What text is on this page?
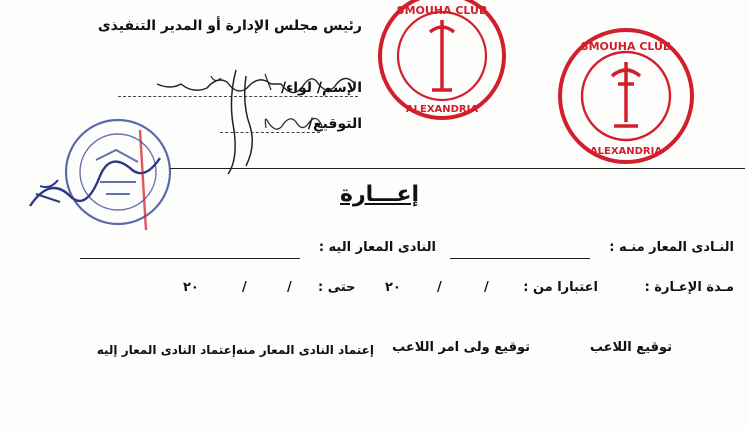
رئيس مجلس الإدارة أو المدير التنفيذى
الإسم/ لواء/
التوقيع/
SMOUHA CLUB
ALEXANDRIA
SMOUHA CLUB
ALEXANDRIA
إعـــارة
النـادى المعار منـه :
النادى المعار اليه :
مـدة الإعـارة :
اعتبارا من :
/
/
٢٠
حتى :
/
/
٢٠
توقيع اللاعب
توقيع ولى امر اللاعب
إعتماد النادى المعار منه
إعتماد النادى المعار إليه
